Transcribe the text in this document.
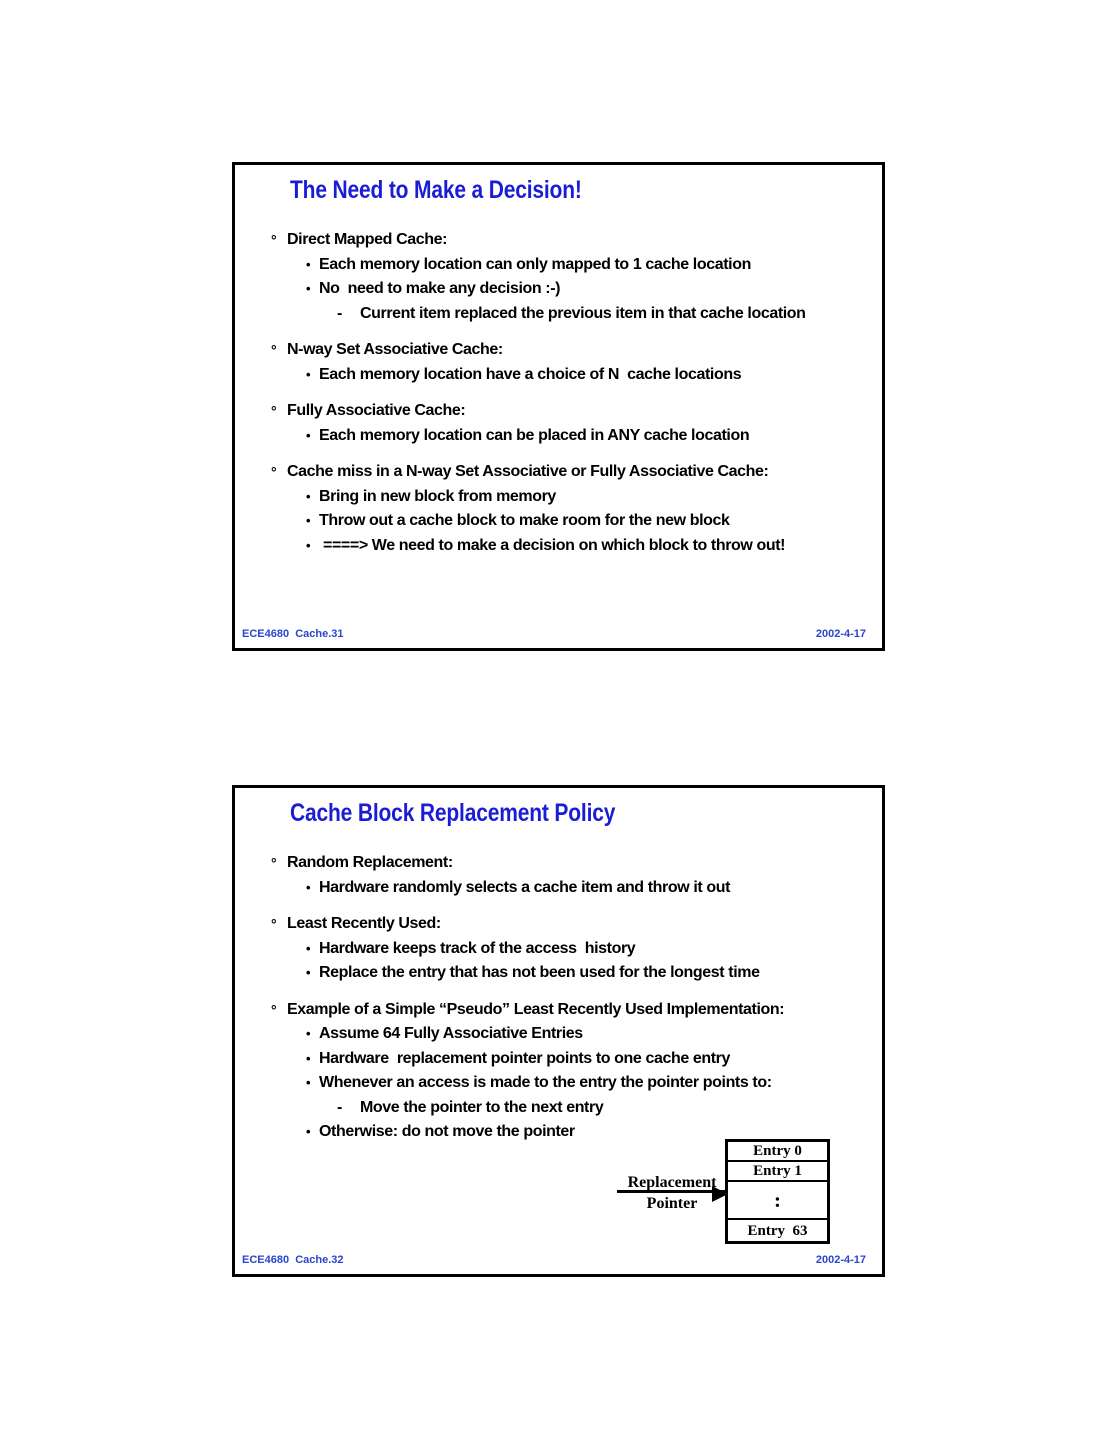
The Need to Make a Decision!
° Direct Mapped Cache:
• Each memory location can only mapped to 1 cache location
• No  need to make any decision :-)
- Current item replaced the previous item in that cache location
° N-way Set Associative Cache:
• Each memory location have a choice of N  cache locations
° Fully Associative Cache:
• Each memory location can be placed in ANY cache location
° Cache miss in a N-way Set Associative or Fully Associative Cache:
• Bring in new block from memory
• Throw out a cache block to make room for the new block
• ====> We need to make a decision on which block to throw out!
ECE4680  Cache.31	2002-4-17
Cache Block Replacement Policy
° Random Replacement:
• Hardware randomly selects a cache item and throw it out
° Least Recently Used:
• Hardware keeps track of the access  history
• Replace the entry that has not been used for the longest time
° Example of a Simple “Pseudo” Least Recently Used Implementation:
• Assume 64 Fully Associative Entries
• Hardware  replacement pointer points to one cache entry
• Whenever an access is made to the entry the pointer points to:
- Move the pointer to the next entry
• Otherwise: do not move the pointer
Replacement
Pointer
Entry 0
Entry 1
:
Entry  63
ECE4680  Cache.32	2002-4-17
